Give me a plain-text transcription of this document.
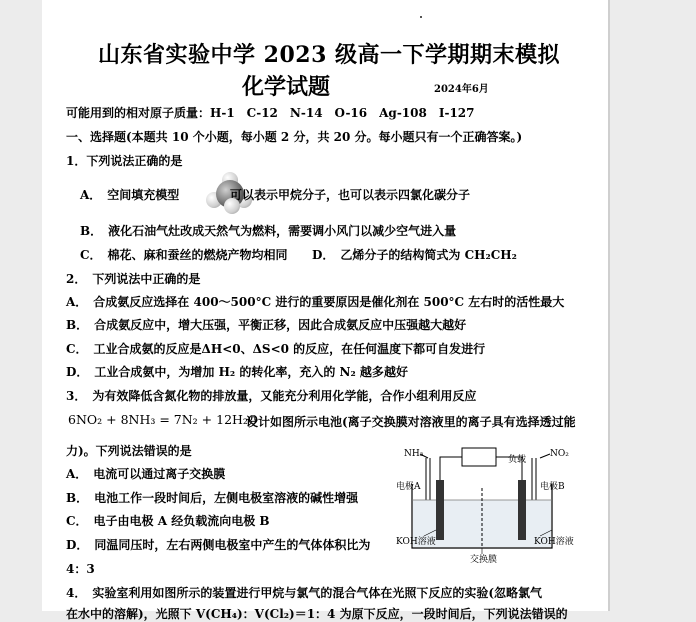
山东省实验中学 2023 级高一下学期期末模拟
化学试题	2024年6月
可能用到的相对原子质量：H-1　C-12　N-14　O-16　Ag-108　I-127
一、选择题(本题共 10 个小题，每小题 2 分，共 20 分。每小题只有一个正确答案。)
1．下列说法正确的是
A．　空间填充模型	可以表示甲烷分子，也可以表示四氯化碳分子
B．　液化石油气灶改成天然气为燃料，需要调小风门以减少空气进入量
C．　棉花、麻和蚕丝的燃烧产物均相同 D．　乙烯分子的结构简式为 CH₂CH₂
2．　下列说法中正确的是
A．　合成氨反应选择在 400～500°C 进行的重要原因是催化剂在 500°C 左右时的活性最大
B．　合成氨反应中，增大压强，平衡正移，因此合成氨反应中压强越大越好
C．　工业合成氨的反应是ΔH<0、ΔS<0 的反应，在任何温度下都可自发进行
D．　工业合成氨中，为增加 H₂ 的转化率，充入的 N₂ 越多越好
3．　为有效降低含氮化物的排放量，又能充分利用化学能，合作小组利用反应
6NO₂ + 8NH₃ = 7N₂ + 12H₂O
设计如图所示电池(离子交换膜对溶液里的离子具有选择透过能
力)。下列说法错误的是
A．　电流可以通过离子交换膜
B．　电池工作一段时间后，左侧电极室溶液的碱性增强
C．　电子由电极 A 经负载流向电极 B
D．　同温同压时，左右两侧电极室中产生的气体体积比为
4：3
4．　实验室利用如图所示的装置进行甲烷与氯气的混合气体在光照下反应的实验(忽略氯气
在水中的溶解)，光照下 V(CH₄)：V(Cl₂)＝1：4 为原下反应，一段时间后，下列说法错误的
负载
NH₃	NO₂
电极A	电极B
KOH溶液	KOH溶液
交换膜
